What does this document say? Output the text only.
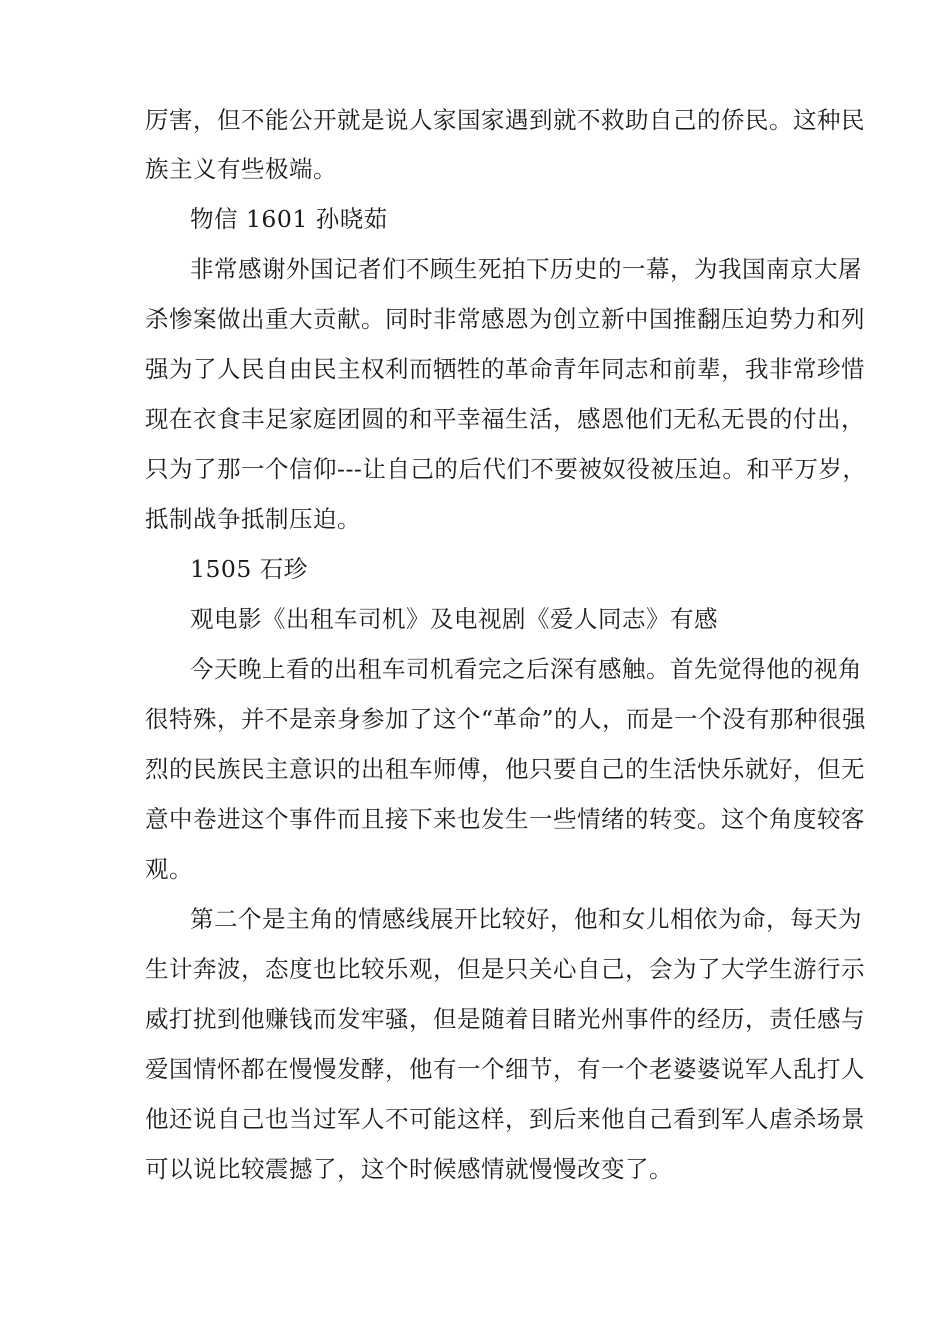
厉害，但不能公开就是说人家国家遇到就不救助自己的侨民。这种民
族主义有些极端。
物信 1601 孙晓茹
非常感谢外国记者们不顾生死拍下历史的一幕，为我国南京大屠
杀惨案做出重大贡献。同时非常感恩为创立新中国推翻压迫势力和列
强为了人民自由民主权利而牺牲的革命青年同志和前辈，我非常珍惜
现在衣食丰足家庭团圆的和平幸福生活，感恩他们无私无畏的付出，
只为了那一个信仰---让自己的后代们不要被奴役被压迫。和平万岁，
抵制战争抵制压迫。
1505 石珍
观电影《出租车司机》及电视剧《爱人同志》有感
今天晚上看的出租车司机看完之后深有感触。首先觉得他的视角
很特殊，并不是亲身参加了这个“革命”的人，而是一个没有那种很强
烈的民族民主意识的出租车师傅，他只要自己的生活快乐就好，但无
意中卷进这个事件而且接下来也发生一些情绪的转变。这个角度较客
观。
第二个是主角的情感线展开比较好，他和女儿相依为命，每天为
生计奔波，态度也比较乐观，但是只关心自己，会为了大学生游行示
威打扰到他赚钱而发牢骚，但是随着目睹光州事件的经历，责任感与
爱国情怀都在慢慢发酵，他有一个细节，有一个老婆婆说军人乱打人
他还说自己也当过军人不可能这样，到后来他自己看到军人虐杀场景
可以说比较震撼了，这个时候感情就慢慢改变了。
